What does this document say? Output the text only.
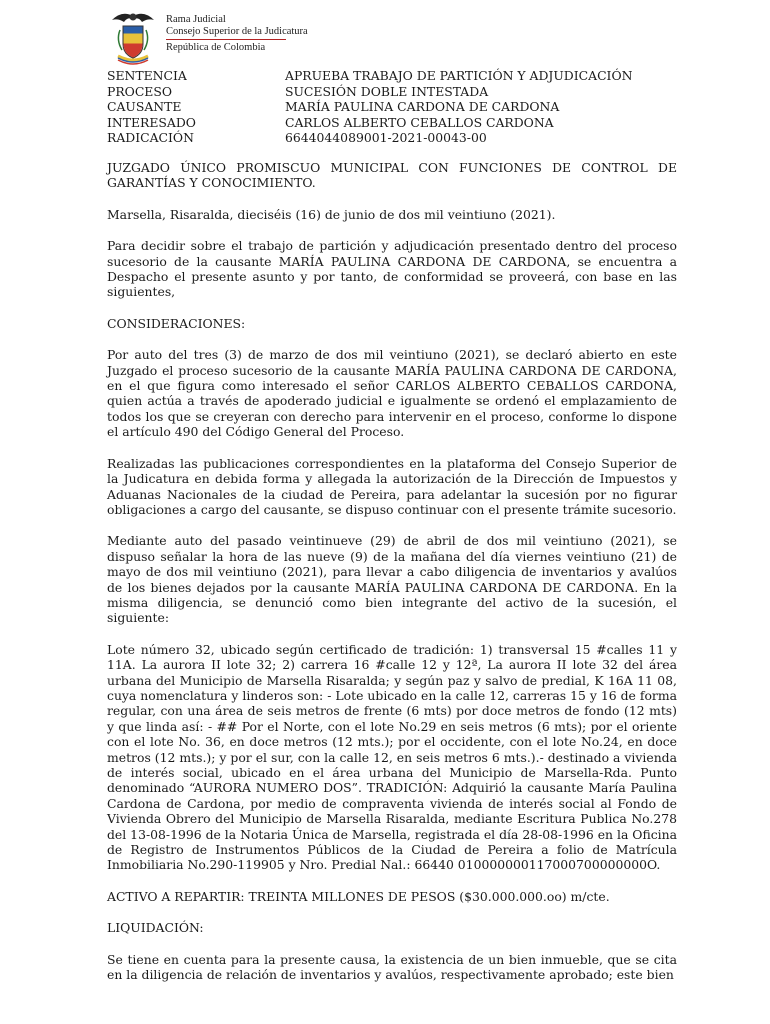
Rama Judicial
Consejo Superior de la Judicatura
República de Colombia
SENTENCIA	APRUEBA TRABAJO DE PARTICIÓN Y ADJUDICACIÓN
PROCESO	SUCESIÓN DOBLE INTESTADA
CAUSANTE	MARÍA PAULINA CARDONA DE CARDONA
INTERESADO	CARLOS ALBERTO CEBALLOS CARDONA
RADICACIÓN	6644044089001-2021-00043-00

JUZGADO ÚNICO PROMISCUO MUNICIPAL CON FUNCIONES DE CONTROL DE GARANTÍAS Y CONOCIMIENTO.

Marsella, Risaralda, dieciséis (16) de junio de dos mil veintiuno (2021).

Para decidir sobre el trabajo de partición y adjudicación presentado dentro del proceso sucesorio de la causante MARÍA PAULINA CARDONA DE CARDONA, se encuentra a Despacho el presente asunto y por tanto, de conformidad se proveerá, con base en las siguientes,

CONSIDERACIONES:

Por auto del tres (3) de marzo de dos mil veintiuno (2021), se declaró abierto en este Juzgado el proceso sucesorio de la causante MARÍA PAULINA CARDONA DE CARDONA, en el que figura como interesado el señor CARLOS ALBERTO CEBALLOS CARDONA, quien actúa a través de apoderado judicial e igualmente se ordenó el emplazamiento de todos los que se creyeran con derecho para intervenir en el proceso, conforme lo dispone el artículo 490 del Código General del Proceso.

Realizadas las publicaciones correspondientes en la plataforma del Consejo Superior de la Judicatura en debida forma y allegada la autorización de la Dirección de Impuestos y Aduanas Nacionales de la ciudad de Pereira, para adelantar la sucesión por no figurar obligaciones a cargo del causante, se dispuso continuar con el presente trámite sucesorio.

Mediante auto del pasado veintinueve (29) de abril de dos mil veintiuno (2021), se dispuso señalar la hora de las nueve (9) de la mañana del día viernes veintiuno (21) de mayo de dos mil veintiuno (2021), para llevar a cabo diligencia de inventarios y avalúos de los bienes dejados por la causante MARÍA PAULINA CARDONA DE CARDONA. En la misma diligencia, se denunció como bien integrante del activo de la sucesión, el siguiente:

Lote número 32, ubicado según certificado de tradición: 1) transversal 15 #calles 11 y 11A. La aurora II lote 32; 2) carrera 16 #calle 12 y 12ª, La aurora II lote 32 del área urbana del Municipio de Marsella Risaralda; y según paz y salvo de predial, K 16A 11 08, cuya nomenclatura y linderos son: - Lote ubicado en la calle 12, carreras 15 y 16 de forma regular, con una área de seis metros de frente (6 mts) por doce metros de fondo (12 mts) y que linda así: - ## Por el Norte, con el lote No.29 en seis metros (6 mts); por el oriente con el lote No. 36, en doce metros (12 mts.); por el occidente, con el lote No.24, en doce metros (12 mts.); y por el sur, con la calle 12, en seis metros 6 mts.).- destinado a vivienda de interés social, ubicado en el área urbana del Municipio de Marsella-Rda. Punto denominado “AURORA NUMERO DOS”. TRADICIÓN: Adquirió la causante María Paulina Cardona de Cardona, por medio de compraventa vivienda de interés social al Fondo de Vivienda Obrero del Municipio de Marsella Risaralda, mediante Escritura Publica No.278 del 13-08-1996 de la Notaria Única de Marsella, registrada el día 28-08-1996 en la Oficina de Registro de Instrumentos Públicos de la Ciudad de Pereira a folio de Matrícula Inmobiliaria No.290-119905 y Nro. Predial Nal.: 66440 010000000117000700000000O.

ACTIVO A REPARTIR: TREINTA MILLONES DE PESOS ($30.000.000.oo) m/cte.

LIQUIDACIÓN:

Se tiene en cuenta para la presente causa, la existencia de un bien inmueble, que se cita en la diligencia de relación de inventarios y avalúos, respectivamente aprobado; este bien
